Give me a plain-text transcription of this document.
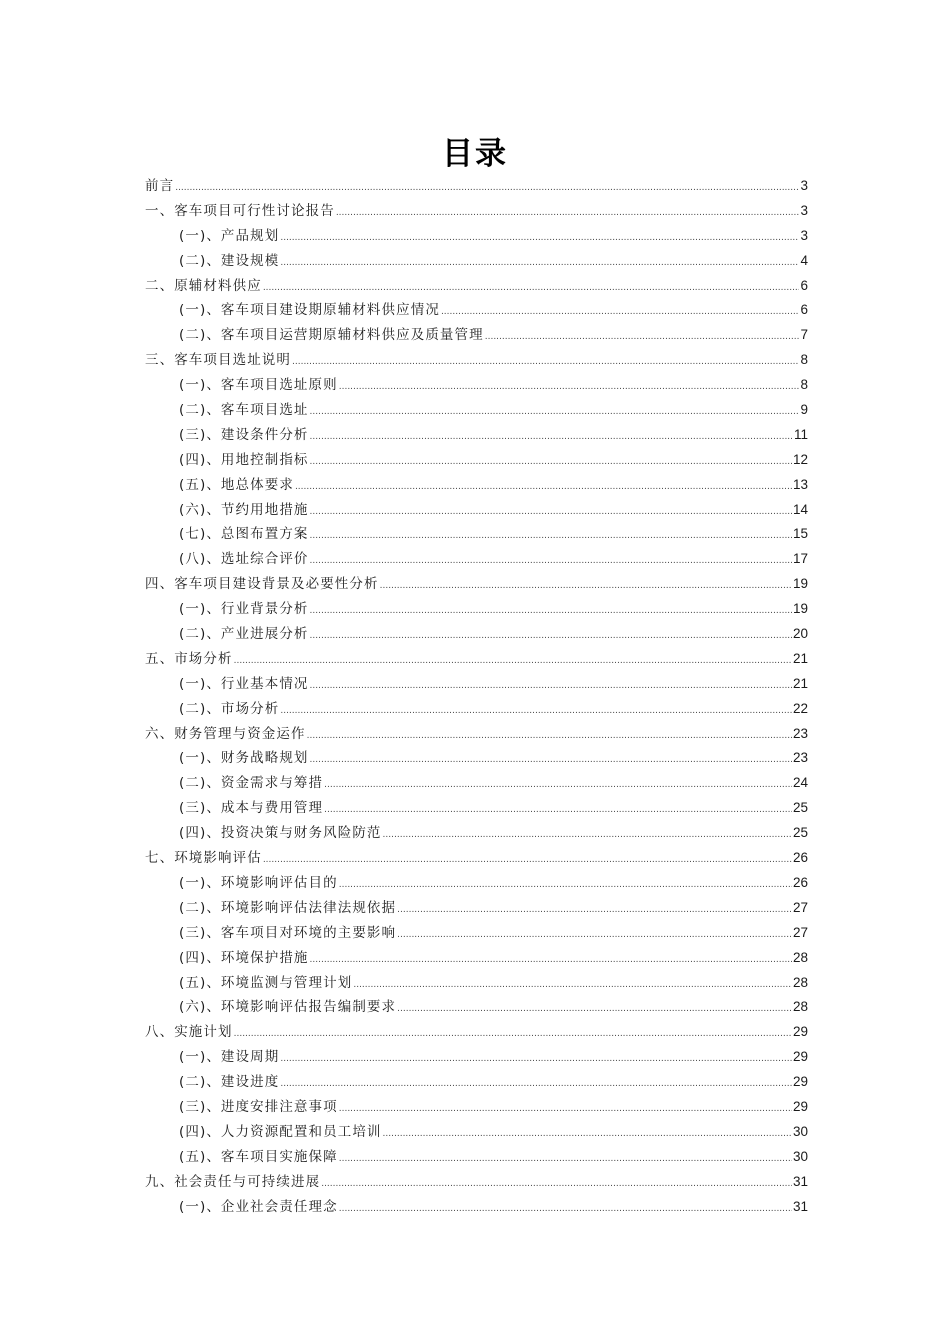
目录
前言 .....	3
一、客车项目可行性讨论报告 .....	3
(一)、产品规划 .....	3
(二)、建设规模 .....	4
二、原辅材料供应 .....	6
(一)、客车项目建设期原辅材料供应情况 .....	6
(二)、客车项目运营期原辅材料供应及质量管理 .....	7
三、客车项目选址说明 .....	8
(一)、客车项目选址原则 .....	8
(二)、客车项目选址 .....	9
(三)、建设条件分析 .....	11
(四)、用地控制指标 .....	12
(五)、地总体要求 .....	13
(六)、节约用地措施 .....	14
(七)、总图布置方案 .....	15
(八)、选址综合评价 .....	17
四、客车项目建设背景及必要性分析 .....	19
(一)、行业背景分析 .....	19
(二)、产业进展分析 .....	20
五、市场分析 .....	21
(一)、行业基本情况 .....	21
(二)、市场分析 .....	22
六、财务管理与资金运作 .....	23
(一)、财务战略规划 .....	23
(二)、资金需求与筹措 .....	24
(三)、成本与费用管理 .....	25
(四)、投资决策与财务风险防范 .....	25
七、环境影响评估 .....	26
(一)、环境影响评估目的 .....	26
(二)、环境影响评估法律法规依据 .....	27
(三)、客车项目对环境的主要影响 .....	27
(四)、环境保护措施 .....	28
(五)、环境监测与管理计划 .....	28
(六)、环境影响评估报告编制要求 .....	28
八、实施计划 .....	29
(一)、建设周期 .....	29
(二)、建设进度 .....	29
(三)、进度安排注意事项 .....	29
(四)、人力资源配置和员工培训 .....	30
(五)、客车项目实施保障 .....	30
九、社会责任与可持续进展 .....	31
(一)、企业社会责任理念 .....	31
